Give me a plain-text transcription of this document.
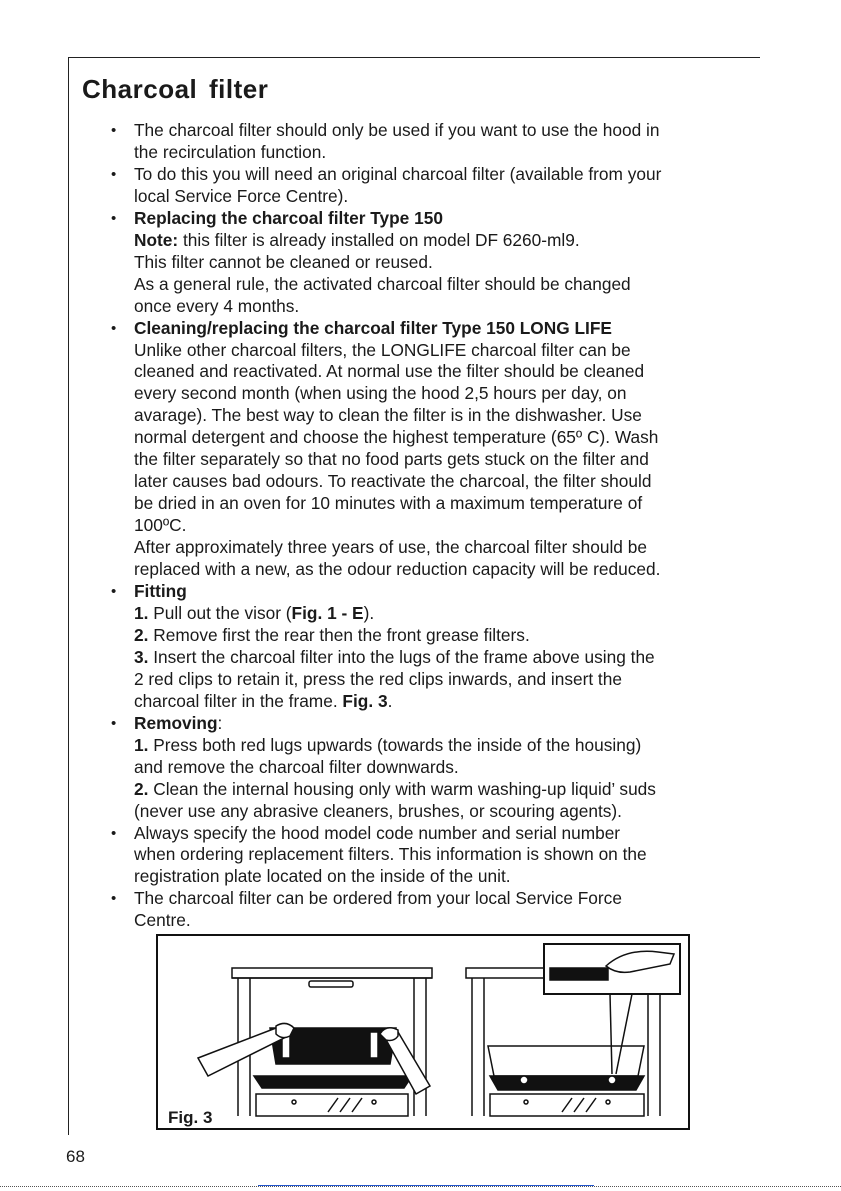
Charcoal filter
• The charcoal filter should only be used if you want to use the hood in
the recirculation function.
• To do this you will need an original charcoal filter (available from your
local Service Force Centre).
• Replacing the charcoal filter Type 150
Note: this filter is already installed on model DF 6260-ml9.
This filter cannot be cleaned or reused.
As a general rule, the activated charcoal filter should be changed
once every 4 months.
• Cleaning/replacing the charcoal filter Type 150 LONG LIFE
Unlike other charcoal filters, the LONGLIFE charcoal filter can be
cleaned and reactivated. At normal use the filter should be cleaned
every second month (when using the hood 2,5 hours per day, on
avarage). The best way to clean the filter is in the dishwasher. Use
normal detergent and choose the highest temperature (65º C). Wash
the filter separately so that no food parts gets stuck on the filter and
later causes bad odours. To reactivate the charcoal, the filter should
be dried in an oven for 10 minutes with a maximum temperature of
100ºC.
After approximately three years of use, the charcoal filter should be
replaced with a new, as the odour reduction capacity will be reduced.
• Fitting
1. Pull out the visor (Fig. 1 - E).
2. Remove first the rear then the front grease filters.
3. Insert the charcoal filter into the lugs of the frame above using the
2 red clips to retain it, press the red clips inwards, and insert the
charcoal filter in the frame. Fig. 3.
• Removing:
1. Press both red lugs upwards (towards the inside of the housing)
and remove the charcoal filter downwards.
2. Clean the internal housing only with warm washing-up liquid’ suds
(never use any abrasive cleaners, brushes, or scouring agents).
• Always specify the hood model code number and serial number
when ordering replacement filters. This information is shown on the
registration plate located on the inside of the unit.
• The charcoal filter can be ordered from your local Service Force
Centre.
Fig. 3
68
